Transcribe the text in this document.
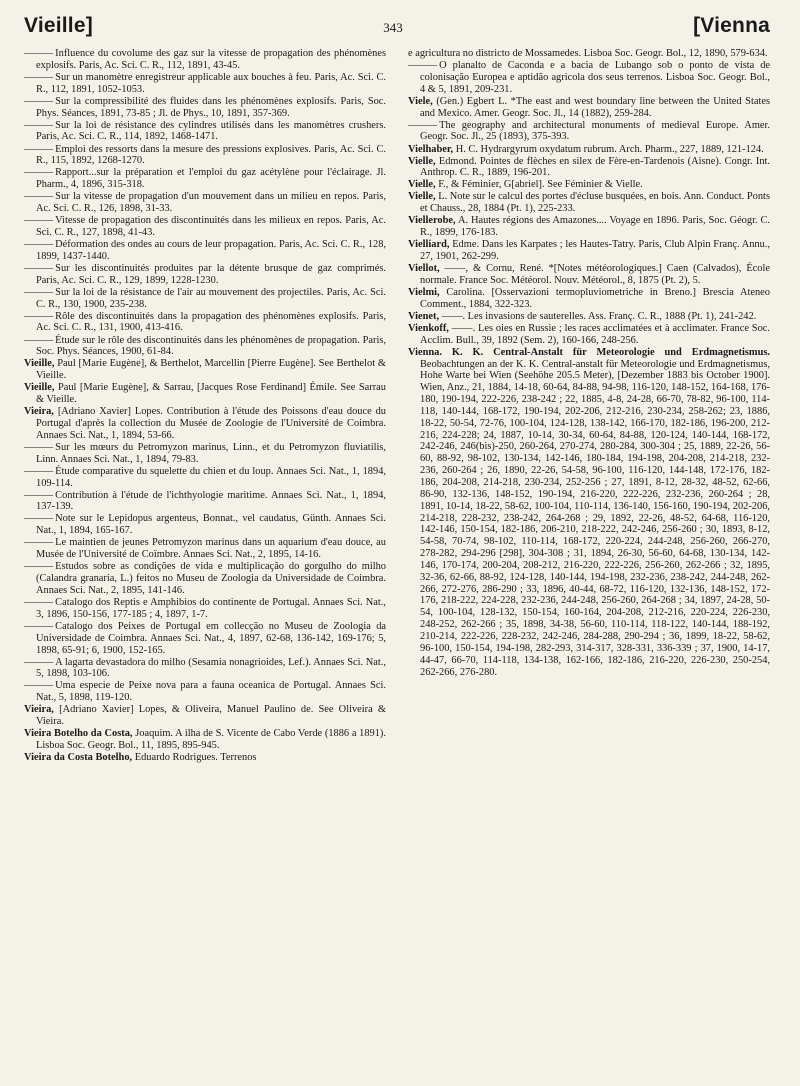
Vieille]	343	[Vienna
——— Influence du covolume des gaz sur la vitesse de propagation des phénomènes explosifs. Paris, Ac. Sci. C. R., 112, 1891, 43-45.
——— Sur un manomètre enregistreur applicable aux bouches à feu. Paris, Ac. Sci. C. R., 112, 1891, 1052-1053.
——— Sur la compressibilité des fluides dans les phénomènes explosifs. Paris, Soc. Phys. Séances, 1891, 73-85 ; Jl. de Phys., 10, 1891, 357-369.
——— Sur la loi de résistance des cylindres utilisés dans les manomètres crushers. Paris, Ac. Sci. C. R., 114, 1892, 1468-1471.
——— Emploi des ressorts dans la mesure des pressions explosives. Paris, Ac. Sci. C. R., 115, 1892, 1268-1270.
——— Rapport...sur la préparation et l'emploi du gaz acétylène pour l'éclairage. Jl. Pharm., 4, 1896, 315-318.
——— Sur la vitesse de propagation d'un mouvement dans un milieu en repos. Paris, Ac. Sci. C. R., 126, 1898, 31-33.
——— Vitesse de propagation des discontinuités dans les milieux en repos. Paris, Ac. Sci. C. R., 127, 1898, 41-43.
——— Déformation des ondes au cours de leur propagation. Paris, Ac. Sci. C. R., 128, 1899, 1437-1440.
——— Sur les discontinuités produites par la détente brusque de gaz comprimés. Paris, Ac. Sci. C. R., 129, 1899, 1228-1230.
——— Sur la loi de la résistance de l'air au mouvement des projectiles. Paris, Ac. Sci. C. R., 130, 1900, 235-238.
——— Rôle des discontinuités dans la propagation des phénomènes explosifs. Paris, Ac. Sci. C. R., 131, 1900, 413-416.
——— Étude sur le rôle des discontinuités dans les phénomènes de propagation. Paris, Soc. Phys. Séances, 1900, 61-84.
Vieille, Paul [Marie Eugène], & Berthelot, Marcellin [Pierre Eugène]. See Berthelot & Vieille.
Vieille, Paul [Marie Eugène], & Sarrau, [Jacques Rose Ferdinand] Émile. See Sarrau & Vieille.
Vieira, [Adriano Xavier] Lopes. Contribution à l'étude des Poissons d'eau douce du Portugal d'après la collection du Musée de Zoologie de l'Université de Coimbra. Annaes Sci. Nat., 1, 1894, 53-66.
——— Sur les mœurs du Petromyzon marinus, Linn., et du Petromyzon fluviatilis, Linn. Annaes Sci. Nat., 1, 1894, 79-83.
——— Étude comparative du squelette du chien et du loup. Annaes Sci. Nat., 1, 1894, 109-114.
——— Contribution à l'étude de l'ichthyologie maritime. Annaes Sci. Nat., 1, 1894, 137-139.
——— Note sur le Lepidopus argenteus, Bonnat., vel caudatus, Günth. Annaes Sci. Nat., 1, 1894, 165-167.
——— Le maintien de jeunes Petromyzon marinus dans un aquarium d'eau douce, au Musée de l'Université de Coïmbre. Annaes Sci. Nat., 2, 1895, 14-16.
——— Estudos sobre as condições de vida e multiplicação do gorgulho do milho (Calandra granaria, L.) feitos no Museu de Zoologia da Universidade de Coimbra. Annaes Sci. Nat., 2, 1895, 141-146.
——— Catalogo dos Reptis e Amphibios do continente de Portugal. Annaes Sci. Nat., 3, 1896, 150-156, 177-185 ; 4, 1897, 1-7.
——— Catalogo dos Peixes de Portugal em collecção no Museu de Zoologia da Universidade de Coimbra. Annaes Sci. Nat., 4, 1897, 62-68, 136-142, 169-176; 5, 1898, 65-91; 6, 1900, 152-165.
——— A lagarta devastadora do milho (Sesamia nonagrioides, Lef.). Annaes Sci. Nat., 5, 1898, 103-106.
——— Uma especie de Peixe nova para a fauna oceanica de Portugal. Annaes Sci. Nat., 5, 1898, 119-120.
Vieira, [Adriano Xavier] Lopes, & Oliveira, Manuel Paulino de. See Oliveira & Vieira.
Vieira Botelho da Costa, Joaquim. A ilha de S. Vicente de Cabo Verde (1886 a 1891). Lisboa Soc. Geogr. Bol., 11, 1895, 895-945.
Vieira da Costa Botelho, Eduardo Rodrigues. Terrenos
e agricultura no districto de Mossamedes. Lisboa Soc. Geogr. Bol., 12, 1890, 579-634.
——— O planalto de Caconda e a bacia de Lubango sob o ponto de vista de colonisação Europea e aptidão agricola dos seus terrenos. Lisboa Soc. Geogr. Bol., 4 & 5, 1891, 209-231.
Viele, (Gen.) Egbert L. *The east and west boundary line between the United States and Mexico. Amer. Geogr. Soc. Jl., 14 (1882), 259-284.
——— The geography and architectural monuments of medieval Europe. Amer. Geogr. Soc. Jl., 25 (1893), 375-393.
Vielhaber, H. C. Hydrargyrum oxydatum rubrum. Arch. Pharm., 227, 1889, 121-124.
Vielle, Edmond. Pointes de flèches en silex de Fère-en-Tardenois (Aisne). Congr. Int. Anthrop. C. R., 1889, 196-201.
Vielle, F., & Féminier, G[abriel]. See Féminier & Vielle.
Vielle, L. Note sur le calcul des portes d'écluse busquées, en bois. Ann. Conduct. Ponts et Chauss., 28, 1884 (Pt. 1), 225-233.
Viellerobe, A. Hautes régions des Amazones.... Voyage en 1896. Paris, Soc. Géogr. C. R., 1899, 176-183.
Vielliard, Edme. Dans les Karpates ; les Hautes-Tatry. Paris, Club Alpin Franç. Annu., 27, 1901, 262-299.
Viellot, ——, & Cornu, René. *[Notes météorologiques.] Caen (Calvados), École normale. France Soc. Météorol. Nouv. Météorol., 8, 1875 (Pt. 2), 5.
Vielmi, Carolina. [Osservazioni termopluviometriche in Breno.] Brescia Ateneo Comment., 1884, 322-323.
Vienet, ——. Les invasions de sauterelles. Ass. Franç. C. R., 1888 (Pt. 1), 241-242.
Vienkoff, ——. Les oies en Russie ; les races acclimatées et à acclimater. France Soc. Acclim. Bull., 39, 1892 (Sem. 2), 160-166, 248-256.
Vienna. K. K. Central-Anstalt für Meteorologie und Erdmagnetismus. Beobachtungen an der K. K. Central-anstalt für Meteorologie und Erdmagnetismus, Hohe Warte bei Wien (Seehöhe 205.5 Meter), [Dezember 1883 bis October 1900]. Wien, Anz., 21, 1884, 14-18, 60-64, 84-88, 94-98, 116-120, 148-152, 164-168, 176-180, 190-194, 222-226, 238-242 ; 22, 1885, 4-8, 24-28, 66-70, 78-82, 96-100, 114-118, 140-144, 168-172, 190-194, 202-206, 212-216, 230-234, 258-262; 23, 1886, 18-22, 50-54, 72-76, 100-104, 124-128, 138-142, 166-170, 182-186, 196-200, 212-216, 224-228; 24, 1887, 10-14, 30-34, 60-64, 84-88, 120-124, 140-144, 168-172, 242-246, 246(bis)-250, 260-264, 270-274, 280-284, 300-304 ; 25, 1889, 22-26, 56-60, 88-92, 98-102, 130-134, 142-146, 180-184, 194-198, 204-208, 214-218, 232-236, 260-264 ; 26, 1890, 22-26, 54-58, 96-100, 116-120, 144-148, 172-176, 182-186, 204-208, 214-218, 230-234, 252-256 ; 27, 1891, 8-12, 28-32, 48-52, 62-66, 86-90, 132-136, 148-152, 190-194, 216-220, 222-226, 232-236, 260-264 ; 28, 1891, 10-14, 18-22, 58-62, 100-104, 110-114, 136-140, 156-160, 190-194, 202-206, 214-218, 228-232, 238-242, 264-268 ; 29, 1892, 22-26, 48-52, 64-68, 116-120, 142-146, 150-154, 182-186, 206-210, 218-222, 242-246, 256-260 ; 30, 1893, 8-12, 54-58, 70-74, 98-102, 110-114, 168-172, 220-224, 244-248, 256-260, 266-270, 278-282, 294-296 [298], 304-308 ; 31, 1894, 26-30, 56-60, 64-68, 130-134, 142-146, 170-174, 200-204, 208-212, 216-220, 222-226, 256-260, 262-266 ; 32, 1895, 32-36, 62-66, 88-92, 124-128, 140-144, 194-198, 232-236, 238-242, 244-248, 262-266, 272-276, 286-290 ; 33, 1896, 40-44, 68-72, 116-120, 132-136, 148-152, 172-176, 218-222, 224-228, 232-236, 244-248, 256-260, 264-268 ; 34, 1897, 24-28, 50-54, 100-104, 128-132, 150-154, 160-164, 204-208, 212-216, 220-224, 226-230, 248-252, 262-266 ; 35, 1898, 34-38, 56-60, 110-114, 118-122, 140-144, 188-192, 210-214, 222-226, 228-232, 242-246, 284-288, 290-294 ; 36, 1899, 18-22, 58-62, 96-100, 150-154, 194-198, 282-293, 314-317, 328-331, 336-339 ; 37, 1900, 14-17, 44-47, 66-70, 114-118, 134-138, 162-166, 182-186, 216-220, 226-230, 250-254, 262-266, 276-280.
